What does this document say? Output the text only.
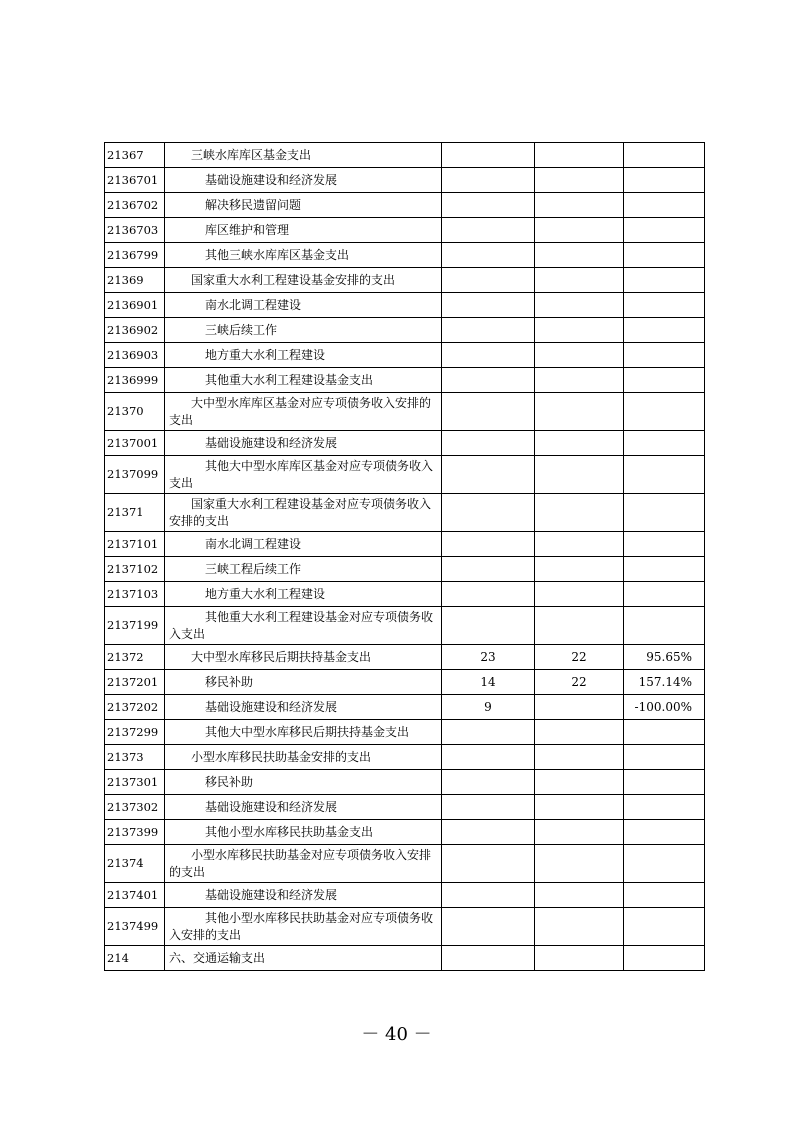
21367	三峡水库库区基金支出			
2136701	基础设施建设和经济发展			
2136702	解决移民遗留问题			
2136703	库区维护和管理			
2136799	其他三峡水库库区基金支出			
21369	国家重大水利工程建设基金安排的支出			
2136901	南水北调工程建设			
2136902	三峡后续工作			
2136903	地方重大水利工程建设			
2136999	其他重大水利工程建设基金支出			
21370	大中型水库库区基金对应专项债务收入安排的支出			
2137001	基础设施建设和经济发展			
2137099	其他大中型水库库区基金对应专项债务收入支出			
21371	国家重大水利工程建设基金对应专项债务收入安排的支出			
2137101	南水北调工程建设			
2137102	三峡工程后续工作			
2137103	地方重大水利工程建设			
2137199	其他重大水利工程建设基金对应专项债务收入支出			
21372	大中型水库移民后期扶持基金支出	23	22	95.65%
2137201	移民补助	14	22	157.14%
2137202	基础设施建设和经济发展	9		-100.00%
2137299	其他大中型水库移民后期扶持基金支出			
21373	小型水库移民扶助基金安排的支出			
2137301	移民补助			
2137302	基础设施建设和经济发展			
2137399	其他小型水库移民扶助基金支出			
21374	小型水库移民扶助基金对应专项债务收入安排的支出			
2137401	基础设施建设和经济发展			
2137499	其他小型水库移民扶助基金对应专项债务收入安排的支出			
214	六、交通运输支出			
－ 40 －
